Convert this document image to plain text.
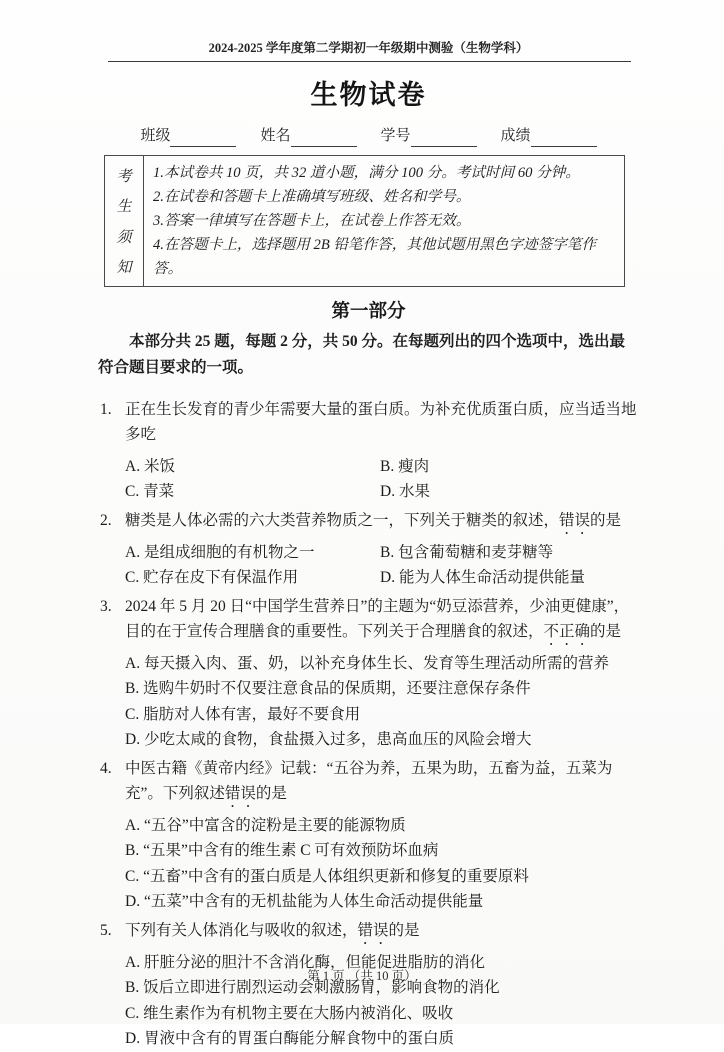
2024-2025 学年度第二学期初一年级期中测验（生物学科）
生物试卷
班级	姓名	学号	成绩
考
生
须
知
1.本试卷共 10 页，共 32 道小题，满分 100 分。考试时间 60 分钟。
2.在试卷和答题卡上准确填写班级、姓名和学号。
3.答案一律填写在答题卡上，在试卷上作答无效。
4.在答题卡上，选择题用 2B 铅笔作答，其他试题用黑色字迹签字笔作答。
第一部分

本部分共 25 题，每题 2 分，共 50 分。在每题列出的四个选项中，选出最符合题目要求的一项。

1. 正在生长发育的青少年需要大量的蛋白质。为补充优质蛋白质，应当适当地多吃
A. 米饭	B. 瘦肉
C. 青菜	D. 水果
2. 糖类是人体必需的六大类营养物质之一，下列关于糖类的叙述，错误的是
A. 是组成细胞的有机物之一	B. 包含葡萄糖和麦芽糖等
C. 贮存在皮下有保温作用	D. 能为人体生命活动提供能量
3. 2024 年 5 月 20 日“中国学生营养日”的主题为“奶豆添营养，少油更健康”，目的在于宣传合理膳食的重要性。下列关于合理膳食的叙述，不正确的是
A. 每天摄入肉、蛋、奶，以补充身体生长、发育等生理活动所需的营养
B. 选购牛奶时不仅要注意食品的保质期，还要注意保存条件
C. 脂肪对人体有害，最好不要食用
D. 少吃太咸的食物，食盐摄入过多，患高血压的风险会增大
4. 中医古籍《黄帝内经》记载：“五谷为养，五果为助，五畜为益，五菜为充”。下列叙述错误的是
A. “五谷”中富含的淀粉是主要的能源物质
B. “五果”中含有的维生素 C 可有效预防坏血病
C. “五畜”中含有的蛋白质是人体组织更新和修复的重要原料
D. “五菜”中含有的无机盐能为人体生命活动提供能量
5. 下列有关人体消化与吸收的叙述，错误的是
A. 肝脏分泌的胆汁不含消化酶，但能促进脂肪的消化
B. 饭后立即进行剧烈运动会刺激肠胃，影响食物的消化
C. 维生素作为有机物主要在大肠内被消化、吸收
D. 胃液中含有的胃蛋白酶能分解食物中的蛋白质
第 1 页 （共 10 页）
